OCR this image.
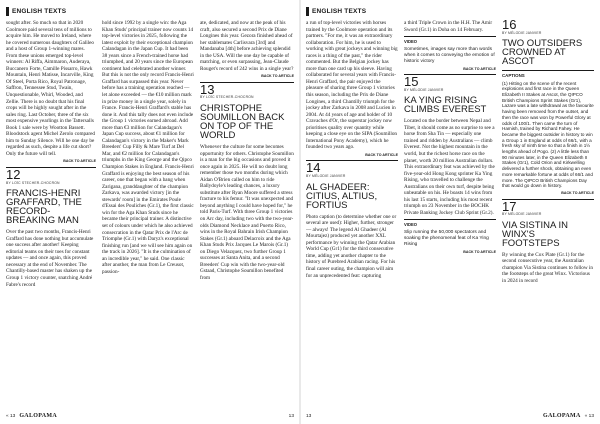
ENGLISH TEXTS

sought after. So much so that in 2020 Coolmore paid several tens of millions to acquire him. He moved to Ireland, where he covered numerous daughters of Galileo and a host of Group 1-winning mares. From these unions emerged top-level winners: Al Riffa, Aimmaron, Auderaya, Buccanero Forte, Camille Pissarro, Hawk Mountain, Henri Matisse, Incarville, King Of Steel, Porta Rico, Royal Patronage, Saffron, Tennessee Stud, Twain, Unquestionable, Whirl, Wooded, and Zellie. There is no doubt that his final crops will be highly sought after in the sales ring. Last October, three of the six most expensive yearlings in the Tattersalls Book 1 sale were by Wootton Bassett. Bloodstock agent Michel Zerolo compared him to Sunday Silence. Will he one day be regarded as such, despite a life cut short? Only the future will tell.

BACK TO ARTICLE
12
BY LOÏC STECHER-CHOCRON
FRANCIS-HENRI GRAFFARD, THE RECORD-BREAKING MAN

Over the past two months, Francis-Henri Graffard has done nothing but accumulate one success after another! Keeping editorial teams on their toes for constant updates — and once again, this proved necessary at the end of November. The Chantilly-based master has shaken up the Group 1 victory counter, snatching André Fabre's record

hold since 1992 by a single win: the Aga Khan Studs' principal trainer now counts 14 top-level victories in 2025, following the latest exploit by their exceptional champion Calandagan in the Japan Cup. It had been 38 years since a French-trained horse had triumphed, and 20 years since the European continent had celebrated another winner. But this is not the only record Francis-Henri Graffard has surpassed this year. Never before has a training operation reached — let alone exceeded — the €10 million mark in prize money in a single year, solely in France. Francis-Henri Graffard's stable has done it. And this tally does not even include the Group 1 victories earned abroad. Add more than €3 million for Calandagan's Japan Cup success, about €1 million for Calandagan's victory in the Maker's Mark Breeders' Cup Filly & Mare Turf at Del Mar, and €2 million for Calandagan's triumphs in the King George and the Qipco Champion Stakes in England. Francis-Henri Graffard is enjoying the best season of his career, one that began with a bang when Zarigana, granddaughter of the champion Zarkava, was awarded victory [in the stewards' room] in the Emirates Poule d'Essai des Pouliches (Gr.1), the first classic win for the Aga Khan Studs since he became their principal trainer. A distinctive set of colours under which he also achieved consecration in the Qatar Prix de l'Arc de Triomphe (Gr.1) with Daryz's exceptional finishing run [and we will see him again on the track in 2026]. "It is the culmination of an incredible year," he said. One classic after another, the man from Le Creusot, passion-

ate, dedicated, and now at the peak of his craft, also secured a second Prix de Diane Longines this year. Gezora finished ahead of her stablemates Carlisvara [3rd] and Mandanaba [4th] before achieving splendid in the USA. Will the one day be capable of matching, or even surpassing, Jean-Claude Rouget's record of 242 wins in a single year?

BACK TO ARTICLE
13
BY LOÏC STECHER-CHOCRON
CHRISTOPHE SOUMILLON BACK ON TOP OF THE WORLD

Whenever the culture for some becomes opportunity for others. Christophe Soumillon is a man for the big occasions and proved it once again in 2025. He will no doubt long remember those two months during which Aidan O'Brien called on him to ride Ballydoyle's leading chances, a luxury substitute after Ryan Moore suffered a stress fracture to his femur. "It was unexpected and beyond anything I could have hoped for," he told Paris-Turf. With three Group 1 victories on Arc day, including two with the two-year-olds Diamond Necklace and Puerto Rico, wins in the Royal Bahrain Irish Champion Stakes (Gr.1) aboard Delacroix and the Aga Khan Studs Prix Jacques Le Marois (Gr.1) on Diego Velazquez, two further Group 1 successes at Santa Anita, and a second Breeders' Cup win with the two-year-old Gstaad, Christophe Soumillon benefited from

« 13 GALOPAMA	13
ENGLISH TEXTS

a run of top-level victories with horses trained by the Coolmore operation and its partners. "For me, it was an extraordinary collaboration. For him, he is used to working with great jockeys and winning big races is a thing of the past," the rider commented. But the Belgian jockey has more than one card up his sleeve. Having collaborated for several years with Francis-Henri Graffard, the pair enjoyed the pleasure of sharing three Group 1 victories this season, including the Prix de Diane Longines, a third Chantilly triumph for the jockey after Zarkava in 2008 and Lucien in 2004. At 44 years of age and holder of 10 Cravaches d'Or, the superstar jockey now prioritises quality over quantity while keeping a close eye on the SIPA (Soumillon International Pony Academy), which he founded two years ago.

BACK TO ARTICLE
14
BY MÉLODIE JANVIER
AL GHADEER: CITIUS, ALTIUS, FORTIUS

Photo caption (to determine whether one or several are used): Higher, further, stronger — always! The legend Al Ghadeer (Al Mourtajez) produced yet another XXL performance by winning the Qatar Arabian World Cup (Gr1) for the third consecutive time, adding yet another chapter to the history of Purebred Arabian racing. For his final career outing, the champion will aim for an unprecedented feat: capturing

a third Triple Crown in the H.H. The Amir Sword (Gr.1) in Doha on 14 February.

VIDEO
Sometimes, images say more than words when it comes to conveying the emotion of historic victory
BACK TO ARTICLE
15
BY MÉLODIE JANVIER
KA YING RISING CLIMBS EVEREST

Located on the border between Nepal and Tibet, it should come as no surprise to see a horse from Sha Tin — especially one trained and ridden by Australians — climb Everest. Not the highest mountain in the world, but the richest horse race on the planet, worth 20 million Australian dollars. This extraordinary feat was achieved by the five-year-old Hong Kong sprinter Ka Ying Rising, who travelled to challenge the Australians on their own turf, despite being unbeatable on his. He boasts 14 wins from his last 15 starts, including his most recent triumph on 23 November in the BOCHK Private Banking Jockey Club Sprint (Gr.2).

VIDEO
Slip running the 50,000 spectators and soaking the phenomenal feat of Ka Ying Rising
BACK TO ARTICLE
16
BY MÉLODIE JANVIER
TWO OUTSIDERS CROWNED AT ASCOT
CAPTIONS
(1) Hitting on the scene of the recent explosions and first race in the Queen Elizabeth II Stakes at Ascot, the QIPCO British Champions Sprint Stakes (Gr1), Lazare was a late withdrawal as the favourite having been removed from the outset, and then the race was won by Powerful Glory at odds of 100/1. Then came the turn of Hamish, trained by Richard Fahey. He became the biggest outsider in history to win a Group 1 in England at odds of 66/1, with a fresh sky of ninth time so that a finish in 1½ lengths ahead of Pogo. (2) A little less than 90 minutes later, in the Queen Elizabeth II Stakes (Gr1), Cold Orion and Kirkwelling delivered a further shock, obtaining an even more remarkable fortune at odds of 66/1 and more. The QIPCO British Champions Day that would go down in history.
BACK TO ARTICLE
17
BY MÉLODIE JANVIER
VIA SISTINA IN WINX'S FOOTSTEPS

By winning the Cox Plate (Gr.1) for the second consecutive year, the Australian champion Via Sistina continues to follow in the footsteps of the great Winx. Victorious in 2024 in record

13	GALOPAMA « 13
